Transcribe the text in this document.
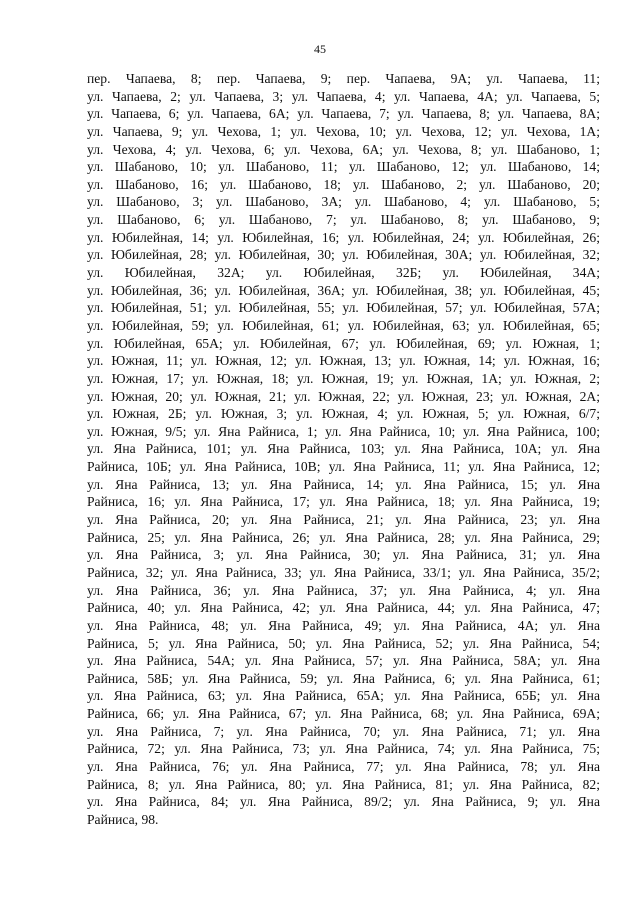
45
пер. Чапаева, 8; пер. Чапаева, 9; пер. Чапаева, 9А; ул. Чапаева, 11;
ул. Чапаева, 2; ул. Чапаева, 3; ул. Чапаева, 4; ул. Чапаева, 4А; ул. Чапаева, 5;
ул. Чапаева, 6; ул. Чапаева, 6А; ул. Чапаева, 7; ул. Чапаева, 8; ул. Чапаева, 8А;
ул. Чапаева, 9; ул. Чехова, 1; ул. Чехова, 10; ул. Чехова, 12; ул. Чехова, 1А;
ул. Чехова, 4; ул. Чехова, 6; ул. Чехова, 6А; ул. Чехова, 8; ул. Шабаново, 1;
ул. Шабаново, 10; ул. Шабаново, 11; ул. Шабаново, 12; ул. Шабаново, 14;
ул. Шабаново, 16; ул. Шабаново, 18; ул. Шабаново, 2; ул. Шабаново, 20;
ул. Шабаново, 3; ул. Шабаново, 3А; ул. Шабаново, 4; ул. Шабаново, 5;
ул. Шабаново, 6; ул. Шабаново, 7; ул. Шабаново, 8; ул. Шабаново, 9;
ул. Юбилейная, 14; ул. Юбилейная, 16; ул. Юбилейная, 24; ул. Юбилейная, 26;
ул. Юбилейная, 28; ул. Юбилейная, 30; ул. Юбилейная, 30А; ул. Юбилейная, 32;
ул. Юбилейная, 32А; ул. Юбилейная, 32Б; ул. Юбилейная, 34А;
ул. Юбилейная, 36; ул. Юбилейная, 36А; ул. Юбилейная, 38; ул. Юбилейная, 45;
ул. Юбилейная, 51; ул. Юбилейная, 55; ул. Юбилейная, 57; ул. Юбилейная, 57А;
ул. Юбилейная, 59; ул. Юбилейная, 61; ул. Юбилейная, 63; ул. Юбилейная, 65;
ул. Юбилейная, 65А; ул. Юбилейная, 67; ул. Юбилейная, 69; ул. Южная, 1;
ул. Южная, 11; ул. Южная, 12; ул. Южная, 13; ул. Южная, 14; ул. Южная, 16;
ул. Южная, 17; ул. Южная, 18; ул. Южная, 19; ул. Южная, 1А; ул. Южная, 2;
ул. Южная, 20; ул. Южная, 21; ул. Южная, 22; ул. Южная, 23; ул. Южная, 2А;
ул. Южная, 2Б; ул. Южная, 3; ул. Южная, 4; ул. Южная, 5; ул. Южная, 6/7;
ул. Южная, 9/5; ул. Яна Райниса, 1; ул. Яна Райниса, 10; ул. Яна Райниса, 100;
ул. Яна Райниса, 101; ул. Яна Райниса, 103; ул. Яна Райниса, 10А; ул. Яна
Райниса, 10Б; ул. Яна Райниса, 10В; ул. Яна Райниса, 11; ул. Яна Райниса, 12;
ул. Яна Райниса, 13; ул. Яна Райниса, 14; ул. Яна Райниса, 15; ул. Яна
Райниса, 16; ул. Яна Райниса, 17; ул. Яна Райниса, 18; ул. Яна Райниса, 19;
ул. Яна Райниса, 20; ул. Яна Райниса, 21; ул. Яна Райниса, 23; ул. Яна
Райниса, 25; ул. Яна Райниса, 26; ул. Яна Райниса, 28; ул. Яна Райниса, 29;
ул. Яна Райниса, 3; ул. Яна Райниса, 30; ул. Яна Райниса, 31; ул. Яна
Райниса, 32; ул. Яна Райниса, 33; ул. Яна Райниса, 33/1; ул. Яна Райниса, 35/2;
ул. Яна Райниса, 36; ул. Яна Райниса, 37; ул. Яна Райниса, 4; ул. Яна
Райниса, 40; ул. Яна Райниса, 42; ул. Яна Райниса, 44; ул. Яна Райниса, 47;
ул. Яна Райниса, 48; ул. Яна Райниса, 49; ул. Яна Райниса, 4А; ул. Яна
Райниса, 5; ул. Яна Райниса, 50; ул. Яна Райниса, 52; ул. Яна Райниса, 54;
ул. Яна Райниса, 54А; ул. Яна Райниса, 57; ул. Яна Райниса, 58А; ул. Яна
Райниса, 58Б; ул. Яна Райниса, 59; ул. Яна Райниса, 6; ул. Яна Райниса, 61;
ул. Яна Райниса, 63; ул. Яна Райниса, 65А; ул. Яна Райниса, 65Б; ул. Яна
Райниса, 66; ул. Яна Райниса, 67; ул. Яна Райниса, 68; ул. Яна Райниса, 69А;
ул. Яна Райниса, 7; ул. Яна Райниса, 70; ул. Яна Райниса, 71; ул. Яна
Райниса, 72; ул. Яна Райниса, 73; ул. Яна Райниса, 74; ул. Яна Райниса, 75;
ул. Яна Райниса, 76; ул. Яна Райниса, 77; ул. Яна Райниса, 78; ул. Яна
Райниса, 8; ул. Яна Райниса, 80; ул. Яна Райниса, 81; ул. Яна Райниса, 82;
ул. Яна Райниса, 84; ул. Яна Райниса, 89/2; ул. Яна Райниса, 9; ул. Яна
Райниса, 98.
